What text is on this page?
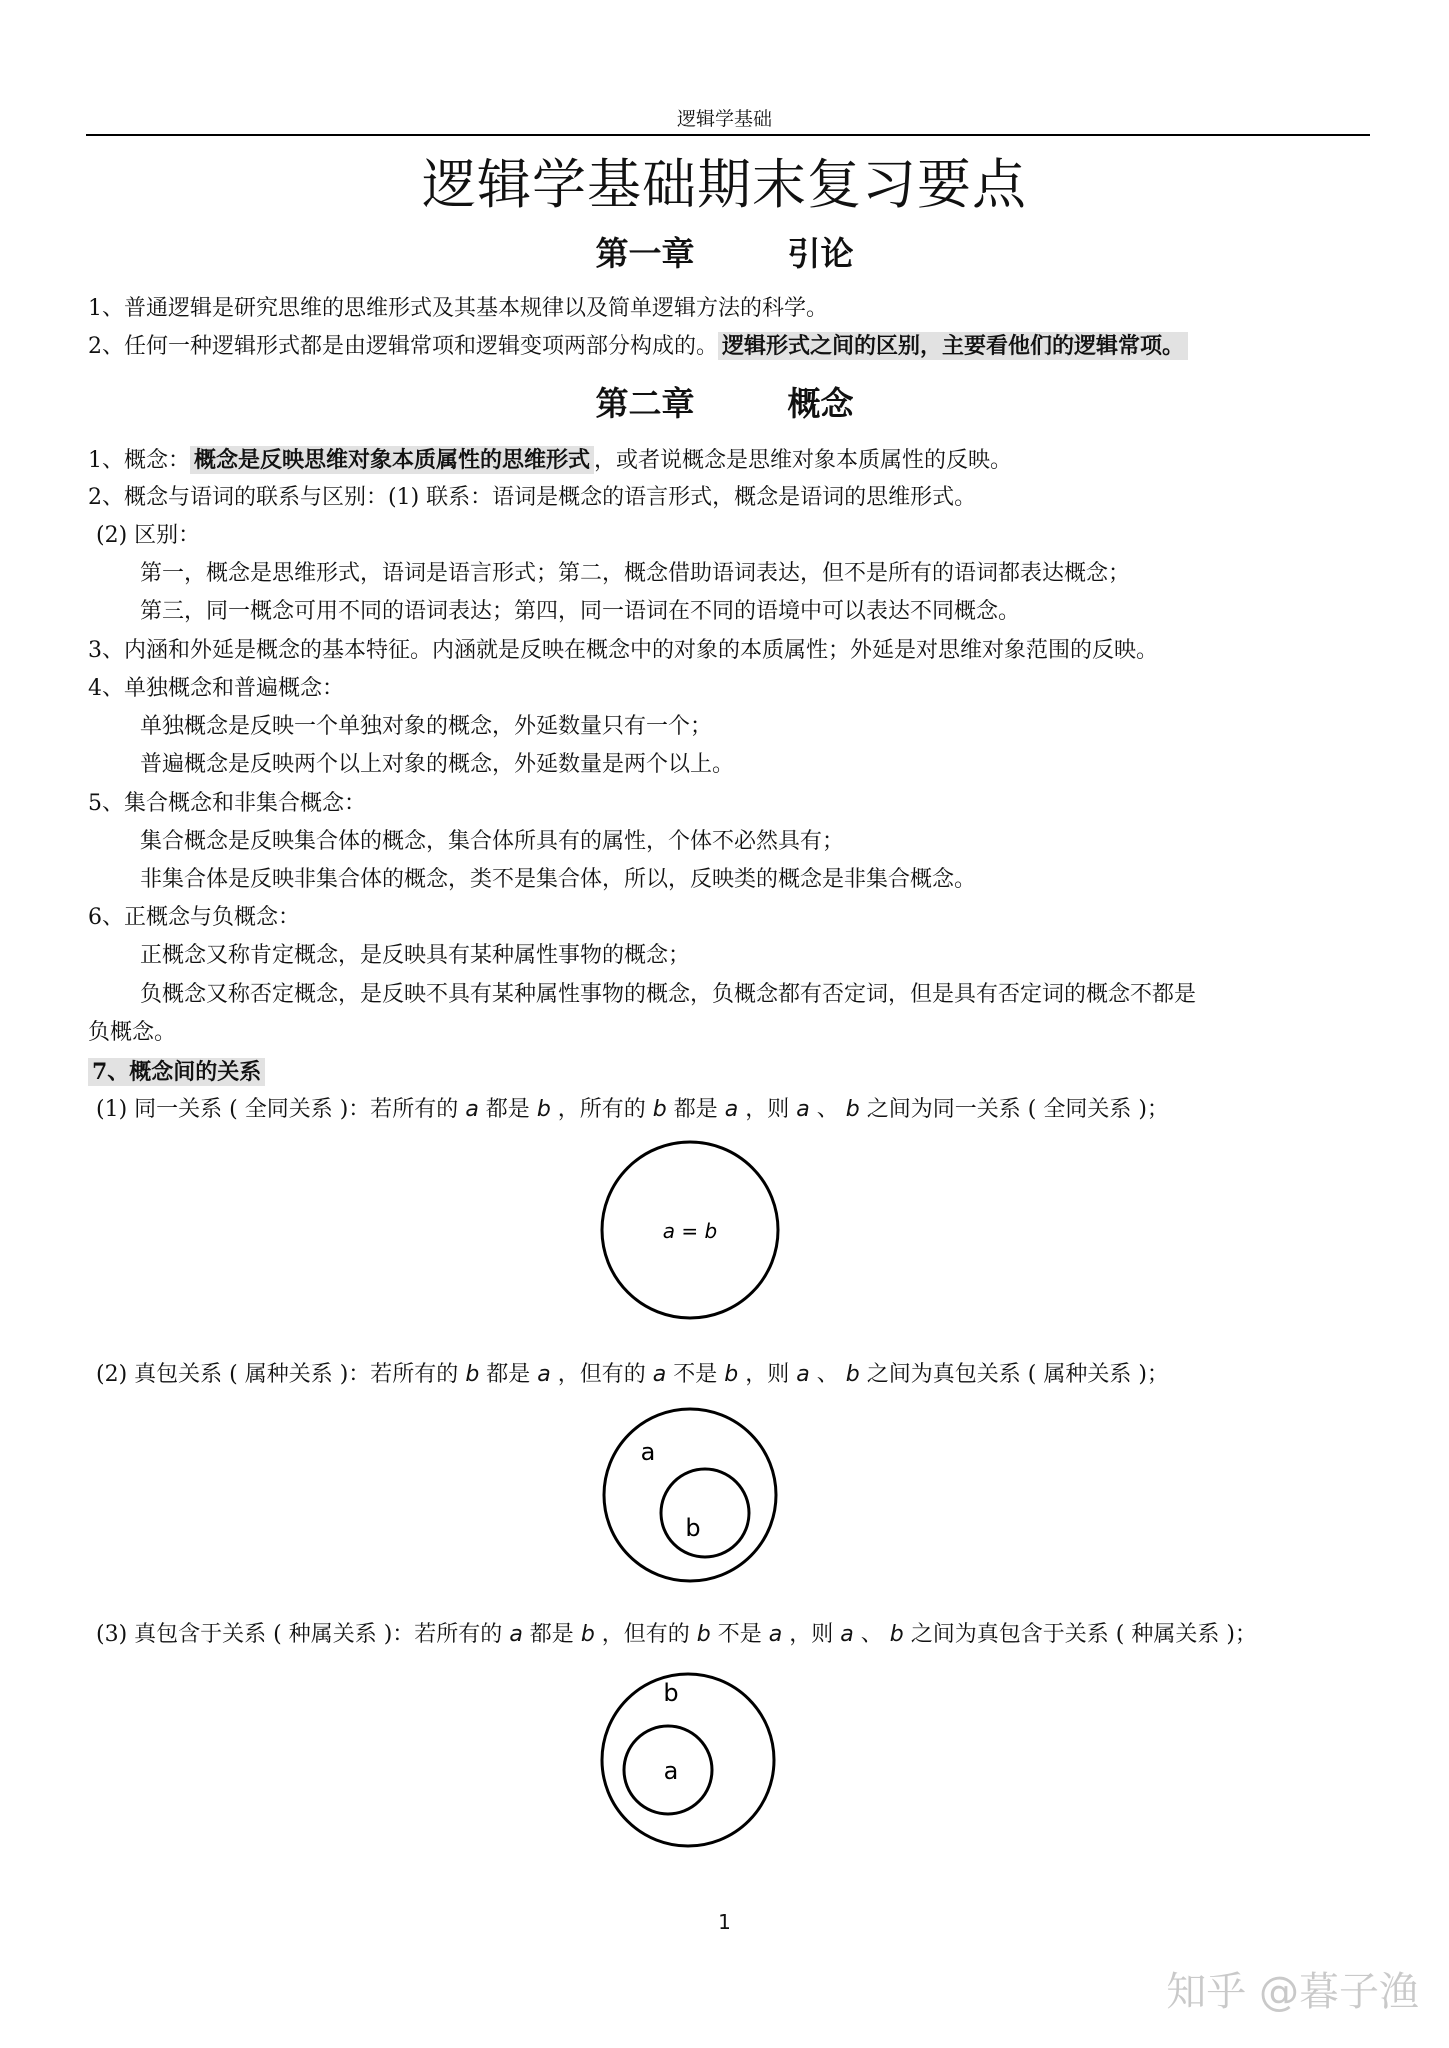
逻辑学基础
逻辑学基础期末复习要点
第一章	引论
1、普通逻辑是研究思维的思维形式及其基本规律以及简单逻辑方法的科学。
2、任何一种逻辑形式都是由逻辑常项和逻辑变项两部分构成的。 逻辑形式之间的区别，主要看他们的逻辑常项。
第二章	概念
1、概念： 概念是反映思维对象本质属性的思维形式 ，或者说概念是思维对象本质属性的反映。
2、概念与语词的联系与区别：(1) 联系：语词是概念的语言形式，概念是语词的思维形式。
(2) 区别：
第一，概念是思维形式，语词是语言形式；第二，概念借助语词表达，但不是所有的语词都表达概念；
第三，同一概念可用不同的语词表达；第四，同一语词在不同的语境中可以表达不同概念。
3、内涵和外延是概念的基本特征。内涵就是反映在概念中的对象的本质属性；外延是对思维对象范围的反映。
4、单独概念和普遍概念：
单独概念是反映一个单独对象的概念，外延数量只有一个；
普遍概念是反映两个以上对象的概念，外延数量是两个以上。
5、集合概念和非集合概念：
集合概念是反映集合体的概念，集合体所具有的属性，个体不必然具有；
非集合体是反映非集合体的概念，类不是集合体，所以，反映类的概念是非集合概念。
6、正概念与负概念：
正概念又称肯定概念，是反映具有某种属性事物的概念；
负概念又称否定概念，是反映不具有某种属性事物的概念，负概念都有否定词，但是具有否定词的概念不都是
负概念。
7、概念间的关系
(1) 同一关系 ( 全同关系 )：若所有的 a 都是 b ，所有的 b 都是 a ，则 a 、 b 之间为同一关系 ( 全同关系 )；
a = b
(2) 真包关系 ( 属种关系 )：若所有的 b 都是 a ，但有的 a 不是 b ，则 a 、 b 之间为真包关系 ( 属种关系 )；
a
b
(3) 真包含于关系 ( 种属关系 )：若所有的 a 都是 b ，但有的 b 不是 a ，则 a 、 b 之间为真包含于关系 ( 种属关系 )；
b
a
1
知乎 @暮子渔
